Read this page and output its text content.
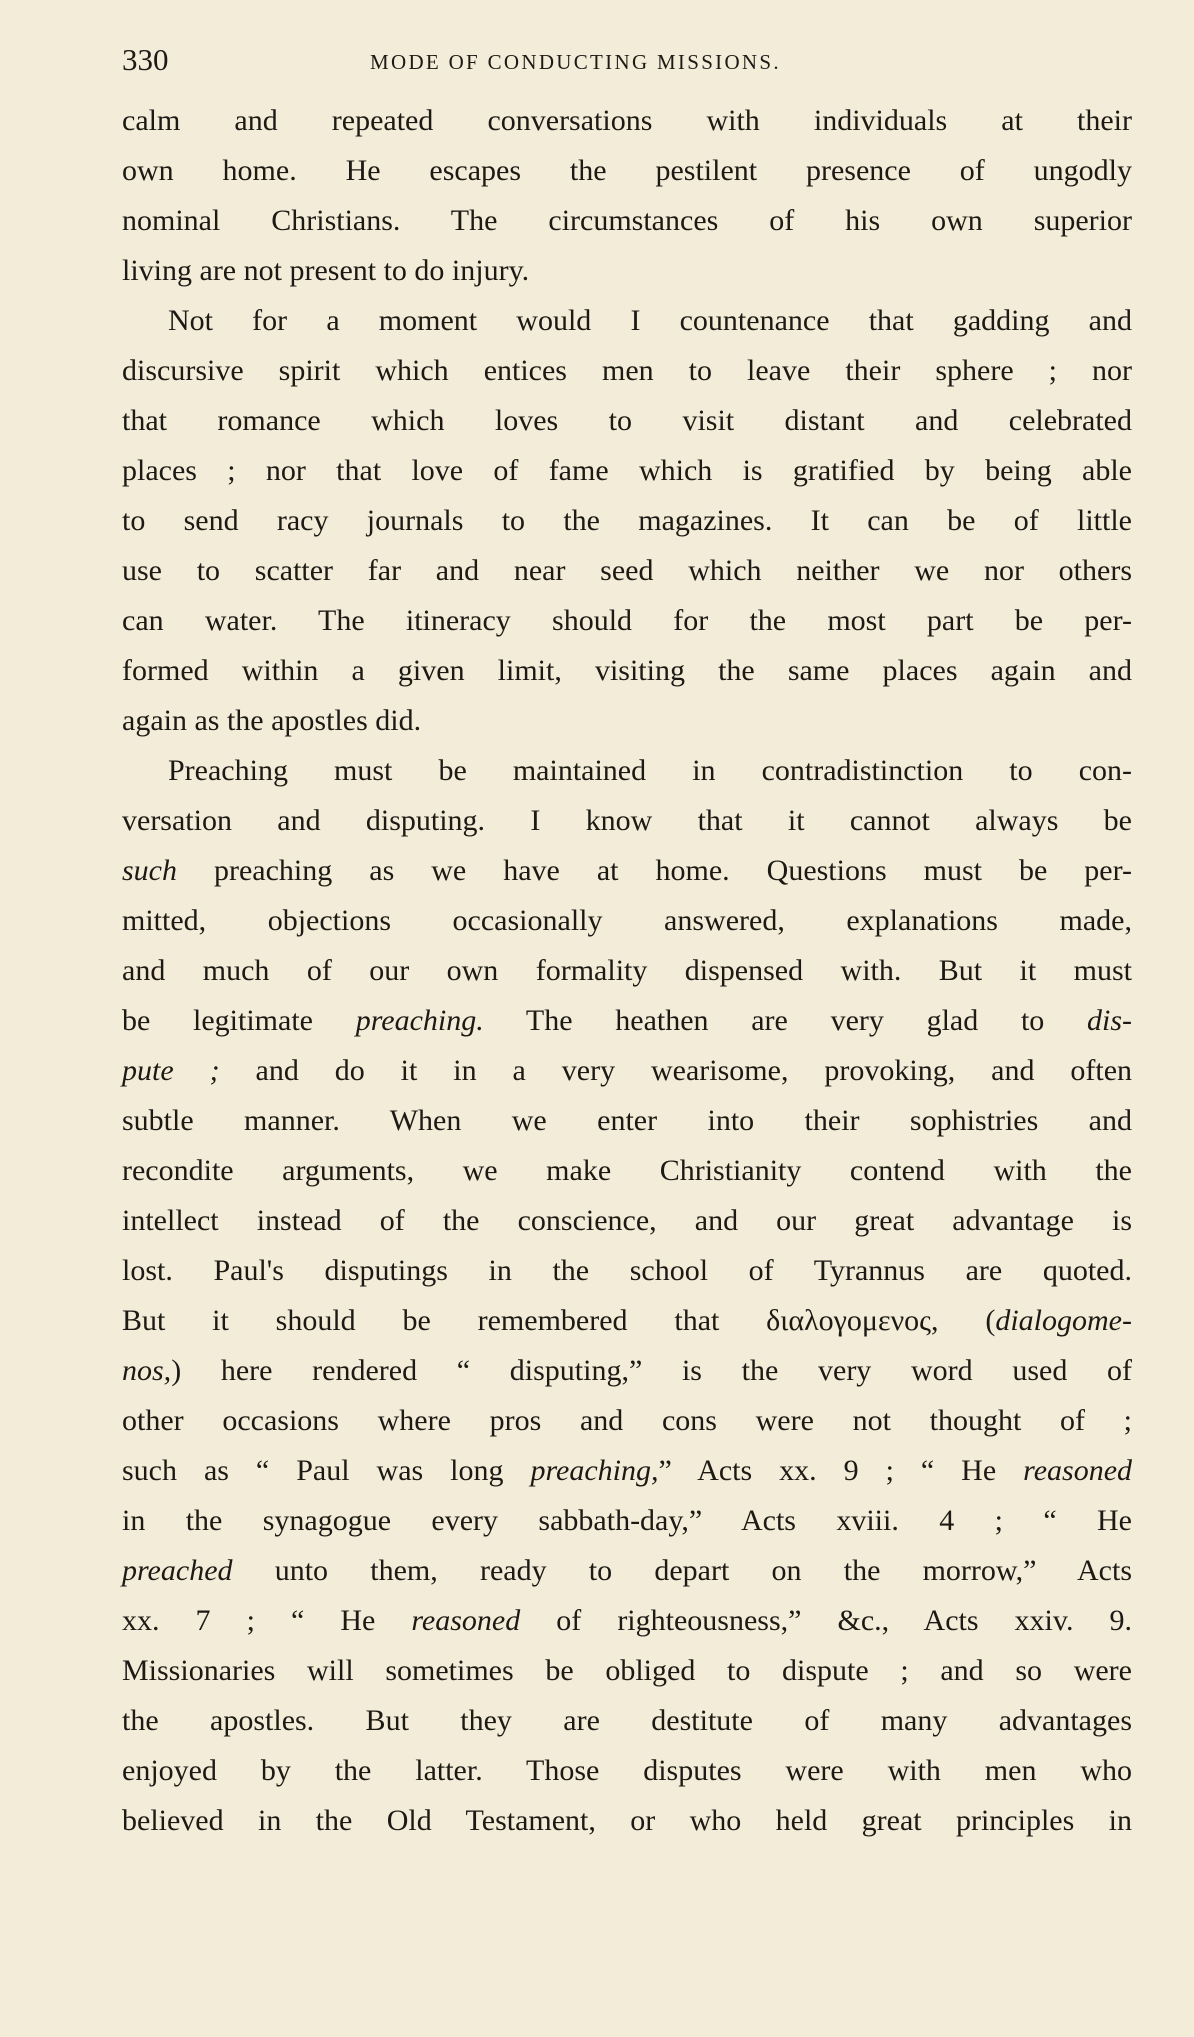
330	MODE OF CONDUCTING MISSIONS.
calm and repeated conversations with individuals at their
own home. He escapes the pestilent presence of ungodly
nominal Christians. The circumstances of his own superior
living are not present to do injury.
Not for a moment would I countenance that gadding and
discursive spirit which entices men to leave their sphere ; nor
that romance which loves to visit distant and celebrated
places ; nor that love of fame which is gratified by being able
to send racy journals to the magazines. It can be of little
use to scatter far and near seed which neither we nor others
can water. The itineracy should for the most part be per-
formed within a given limit, visiting the same places again and
again as the apostles did.
Preaching must be maintained in contradistinction to con-
versation and disputing. I know that it cannot always be
such preaching as we have at home. Questions must be per-
mitted, objections occasionally answered, explanations made,
and much of our own formality dispensed with. But it must
be legitimate preaching. The heathen are very glad to dis-
pute ; and do it in a very wearisome, provoking, and often
subtle manner. When we enter into their sophistries and
recondite arguments, we make Christianity contend with the
intellect instead of the conscience, and our great advantage is
lost. Paul's disputings in the school of Tyrannus are quoted.
But it should be remembered that διαλογομενος, (dialogome-
nos,) here rendered “ disputing,” is the very word used of
other occasions where pros and cons were not thought of ;
such as “ Paul was long preaching,” Acts xx. 9 ; “ He reasoned
in the synagogue every sabbath-day,” Acts xviii. 4 ; “ He
preached unto them, ready to depart on the morrow,” Acts
xx. 7 ; “ He reasoned of righteousness,” &c., Acts xxiv. 9.
Missionaries will sometimes be obliged to dispute ; and so were
the apostles. But they are destitute of many advantages
enjoyed by the latter. Those disputes were with men who
believed in the Old Testament, or who held great principles in
